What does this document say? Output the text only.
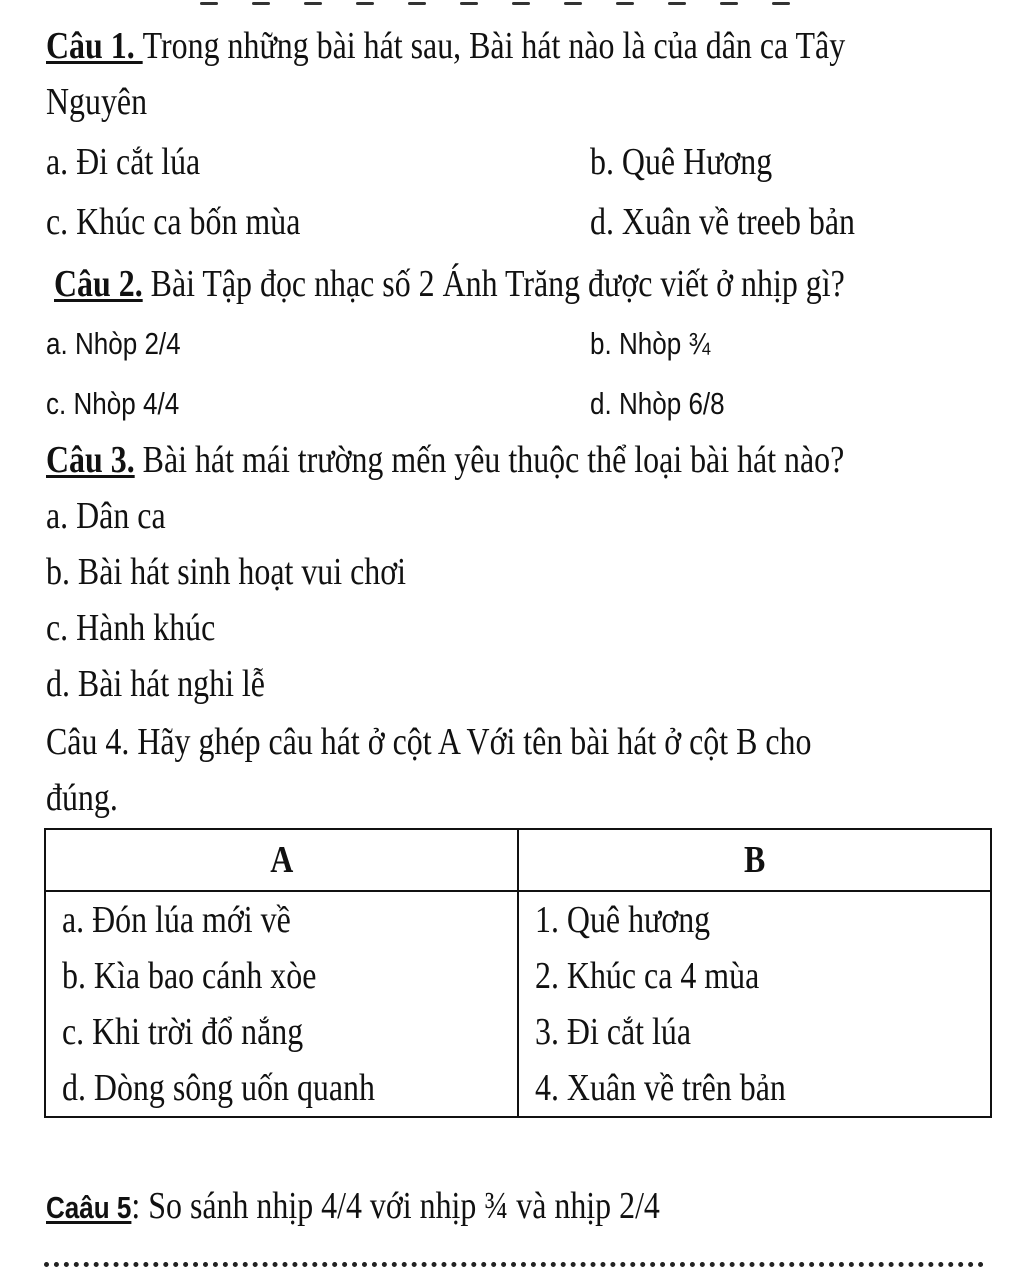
Câu 1. Trong những bài hát sau, Bài hát nào là của dân ca Tây
Nguyên
a. Đi cắt lúa	b. Quê Hương
c. Khúc ca bốn mùa	d. Xuân về treeb bản
Câu 2. Bài Tập đọc nhạc số 2 Ánh Trăng được viết ở nhịp gì?
a. Nhòp 2/4	b. Nhòp ¾
c. Nhòp 4/4	d. Nhòp 6/8
Câu 3. Bài hát mái trường mến yêu thuộc thể loại bài hát nào?
a. Dân ca
b. Bài hát sinh hoạt vui chơi
c. Hành khúc
d. Bài hát nghi lễ
Câu 4. Hãy ghép câu hát ở cột A Với tên bài hát ở cột B cho
đúng.
A	B
a. Đón lúa mới về	1. Quê hương
b. Kìa bao cánh xòe	2. Khúc ca 4 mùa
c. Khi trời đổ nắng	3. Đi cắt lúa
d. Dòng sông uốn quanh	4. Xuân về trên bản
Caâu 5: So sánh nhịp 4/4 với nhịp ¾ và nhịp 2/4
